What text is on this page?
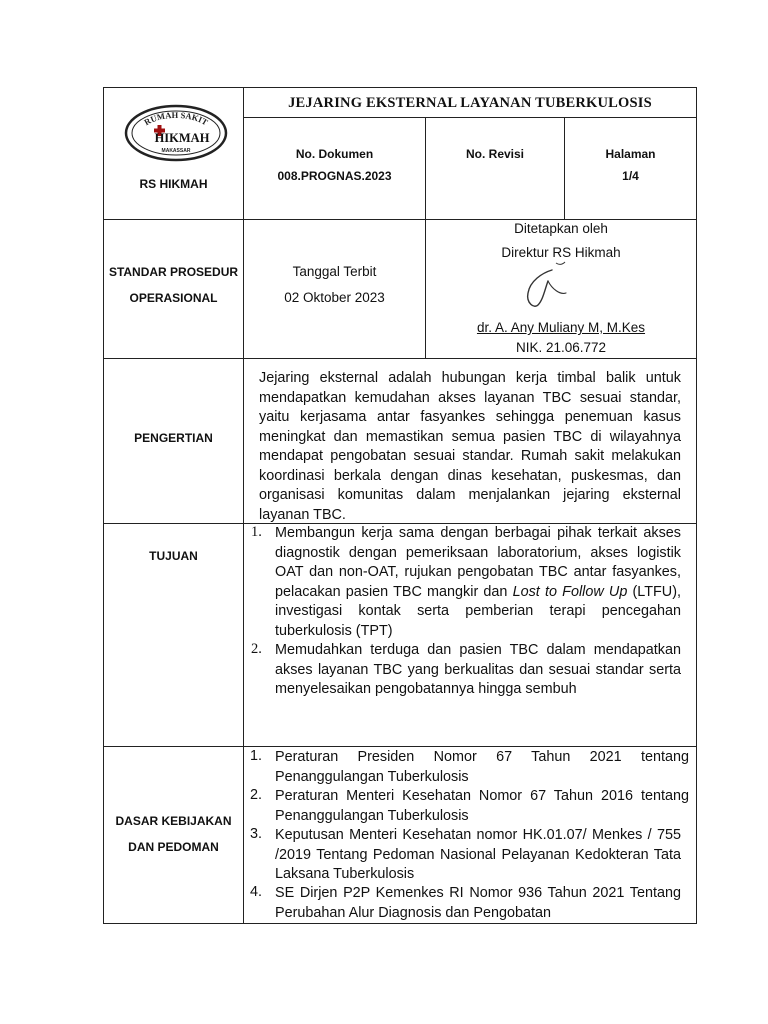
RUMAH SAKIT
HIKMAH
MAKASSAR
RS HIKMAH
JEJARING EKSTERNAL LAYANAN TUBERKULOSIS
No. Dokumen
008.PROGNAS.2023
No. Revisi	Halaman
1/4
STANDAR PROSEDUR
OPERASIONAL
Tanggal Terbit
02 Oktober 2023
Ditetapkan oleh
Direktur RS Hikmah
dr. A. Any Muliany M, M.Kes
NIK. 21.06.772
PENGERTIAN
Jejaring eksternal adalah hubungan kerja timbal balik untuk mendapatkan kemudahan akses layanan TBC sesuai standar, yaitu kerjasama antar fasyankes sehingga penemuan kasus meningkat dan memastikan semua pasien TBC di wilayahnya mendapat pengobatan sesuai standar. Rumah sakit melakukan koordinasi berkala dengan dinas kesehatan, puskesmas, dan organisasi komunitas dalam menjalankan jejaring eksternal layanan TBC.
TUJUAN
1. Membangun kerja sama dengan berbagai pihak terkait akses diagnostik dengan pemeriksaan laboratorium, akses logistik OAT dan non-OAT, rujukan pengobatan TBC antar fasyankes, pelacakan pasien TBC mangkir dan Lost to Follow Up (LTFU), investigasi kontak serta pemberian terapi pencegahan tuberkulosis (TPT)
2. Memudahkan terduga dan pasien TBC dalam mendapatkan akses layanan TBC yang berkualitas dan sesuai standar serta menyelesaikan pengobatannya hingga sembuh
DASAR KEBIJAKAN
DAN PEDOMAN
1. Peraturan Presiden Nomor 67 Tahun 2021 tentang Penanggulangan Tuberkulosis
2. Peraturan Menteri Kesehatan Nomor 67 Tahun 2016 tentang Penanggulangan Tuberkulosis
3. Keputusan Menteri Kesehatan nomor HK.01.07/ Menkes / 755 /2019 Tentang Pedoman Nasional Pelayanan Kedokteran Tata Laksana Tuberkulosis
4. SE Dirjen P2P Kemenkes RI Nomor 936 Tahun 2021 Tentang Perubahan Alur Diagnosis dan Pengobatan
